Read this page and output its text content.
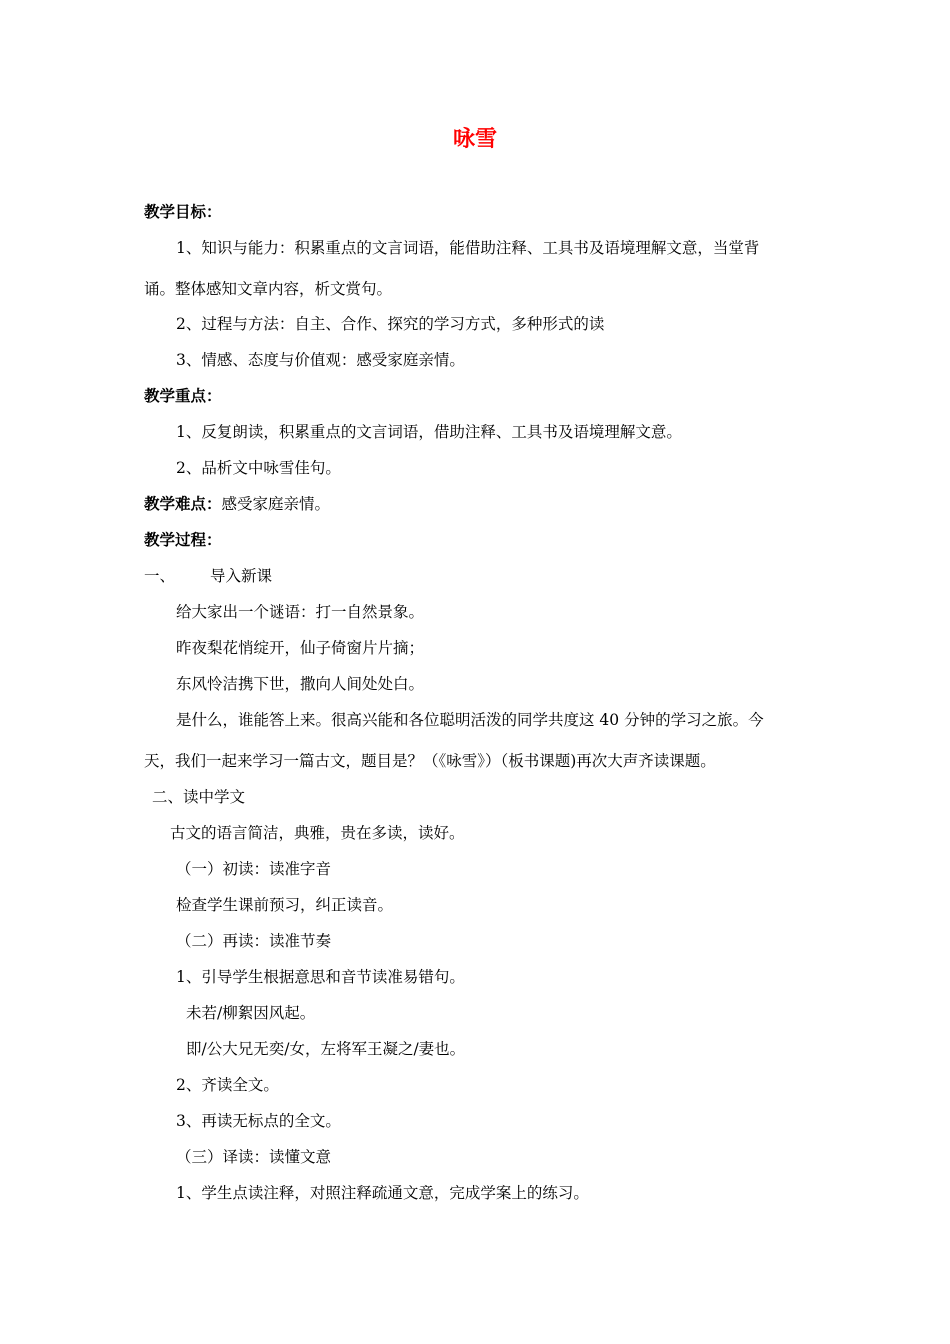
咏雪
教学目标：
1、知识与能力：积累重点的文言词语，能借助注释、工具书及语境理解文意，当堂背
诵。整体感知文章内容，析文赏句。
2、过程与方法：自主、合作、探究的学习方式，多种形式的读
3、情感、态度与价值观：感受家庭亲情。
教学重点：
1、反复朗读，积累重点的文言词语，借助注释、工具书及语境理解文意。
2、品析文中咏雪佳句。
教学难点：感受家庭亲情。
教学过程：
一、 导入新课
给大家出一个谜语：打一自然景象。
昨夜梨花悄绽开，仙子倚窗片片摘；
东风怜洁携下世，撒向人间处处白。
是什么，谁能答上来。很高兴能和各位聪明活泼的同学共度这 40 分钟的学习之旅。今
天，我们一起来学习一篇古文，题目是？（《咏雪》）（板书课题)再次大声齐读课题。
二、读中学文
古文的语言简洁，典雅，贵在多读，读好。
（一）初读：读准字音
检查学生课前预习，纠正读音。
（二）再读：读准节奏
1、引导学生根据意思和音节读准易错句。
未若/柳絮因风起。
即/公大兄无奕/女，左将军王凝之/妻也。
2、齐读全文。
3、再读无标点的全文。
（三）译读：读懂文意
1、学生点读注释，对照注释疏通文意，完成学案上的练习。
